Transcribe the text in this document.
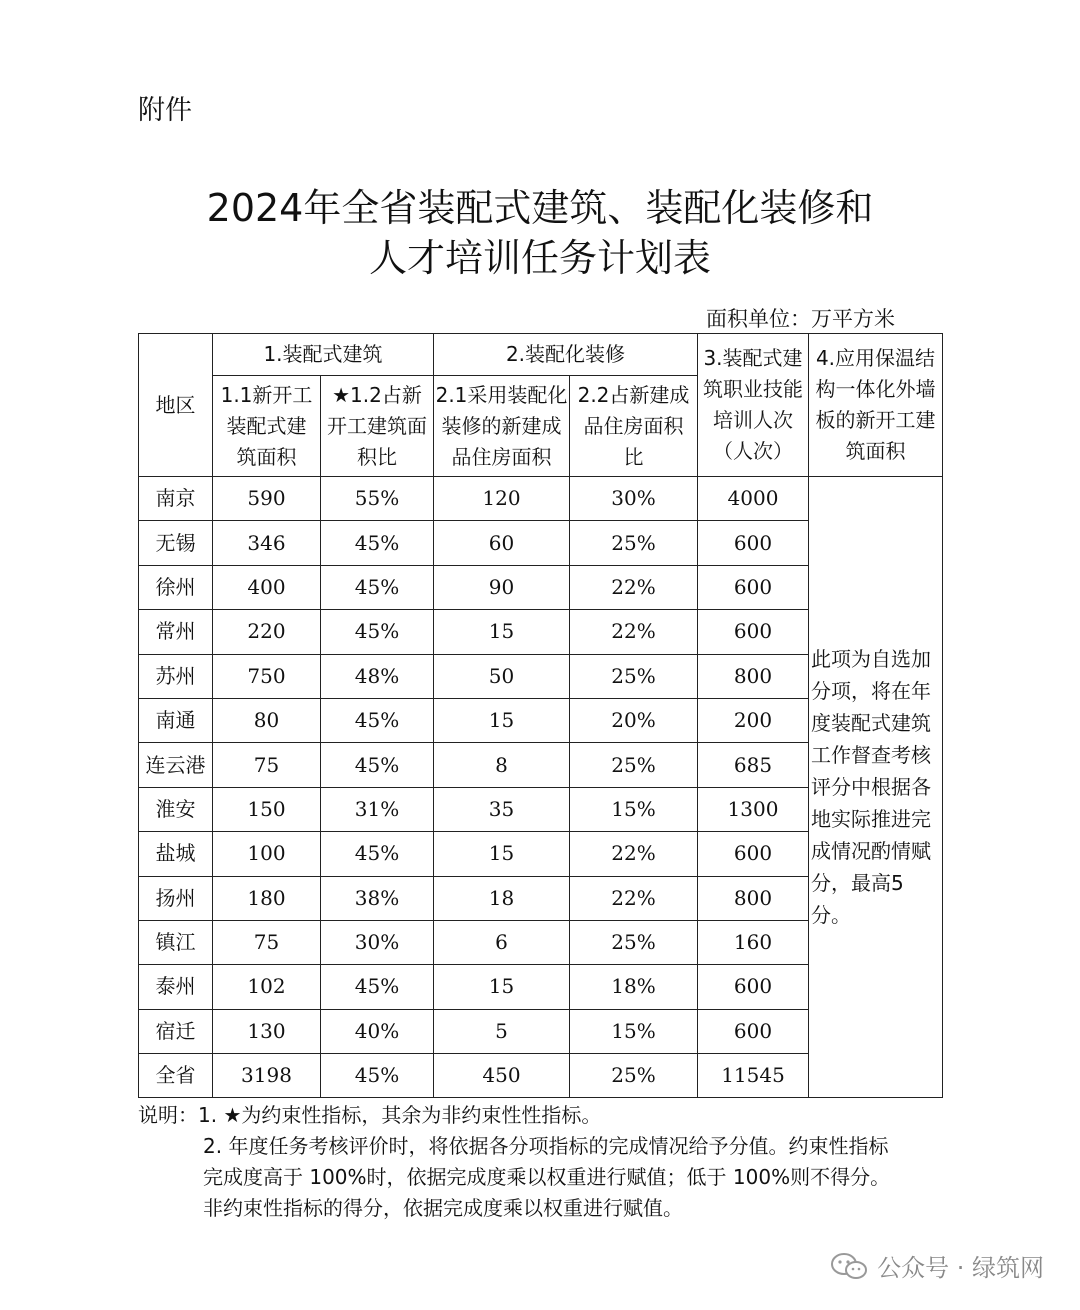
附件
2024年全省装配式建筑、装配化装修和
人才培训任务计划表
面积单位：万平方米
地区	1.装配式建筑		2.装配化装修		3.装配式建筑职业技能培训人次（人次）	4.应用保温结构一体化外墙板的新开工建筑面积
	1.1新开工装配式建筑面积	★1.2占新开工建筑面积比	2.1采用装配化装修的新建成品住房面积	2.2占新建成品住房面积比		
南京	590	55%	120	30%	4000	此项为自选加分项，将在年度装配式建筑工作督查考核评分中根据各地实际推进完成情况酌情赋分，最高5分。
无锡	346	45%	60	25%	600	
徐州	400	45%	90	22%	600	
常州	220	45%	15	22%	600	
苏州	750	48%	50	25%	800	
南通	80	45%	15	20%	200	
连云港	75	45%	8	25%	685	
淮安	150	31%	35	15%	1300	
盐城	100	45%	15	22%	600	
扬州	180	38%	18	22%	800	
镇江	75	30%	6	25%	160	
泰州	102	45%	15	18%	600	
宿迁	130	40%	5	15%	600	
全省	3198	45%	450	25%	11545	
说明：1. ★为约束性指标，其余为非约束性性指标。
2. 年度任务考核评价时，将依据各分项指标的完成情况给予分值。约束性指标
完成度高于 100%时，依据完成度乘以权重进行赋值；低于 100%则不得分。
非约束性指标的得分，依据完成度乘以权重进行赋值。
公众号 · 绿筑网
